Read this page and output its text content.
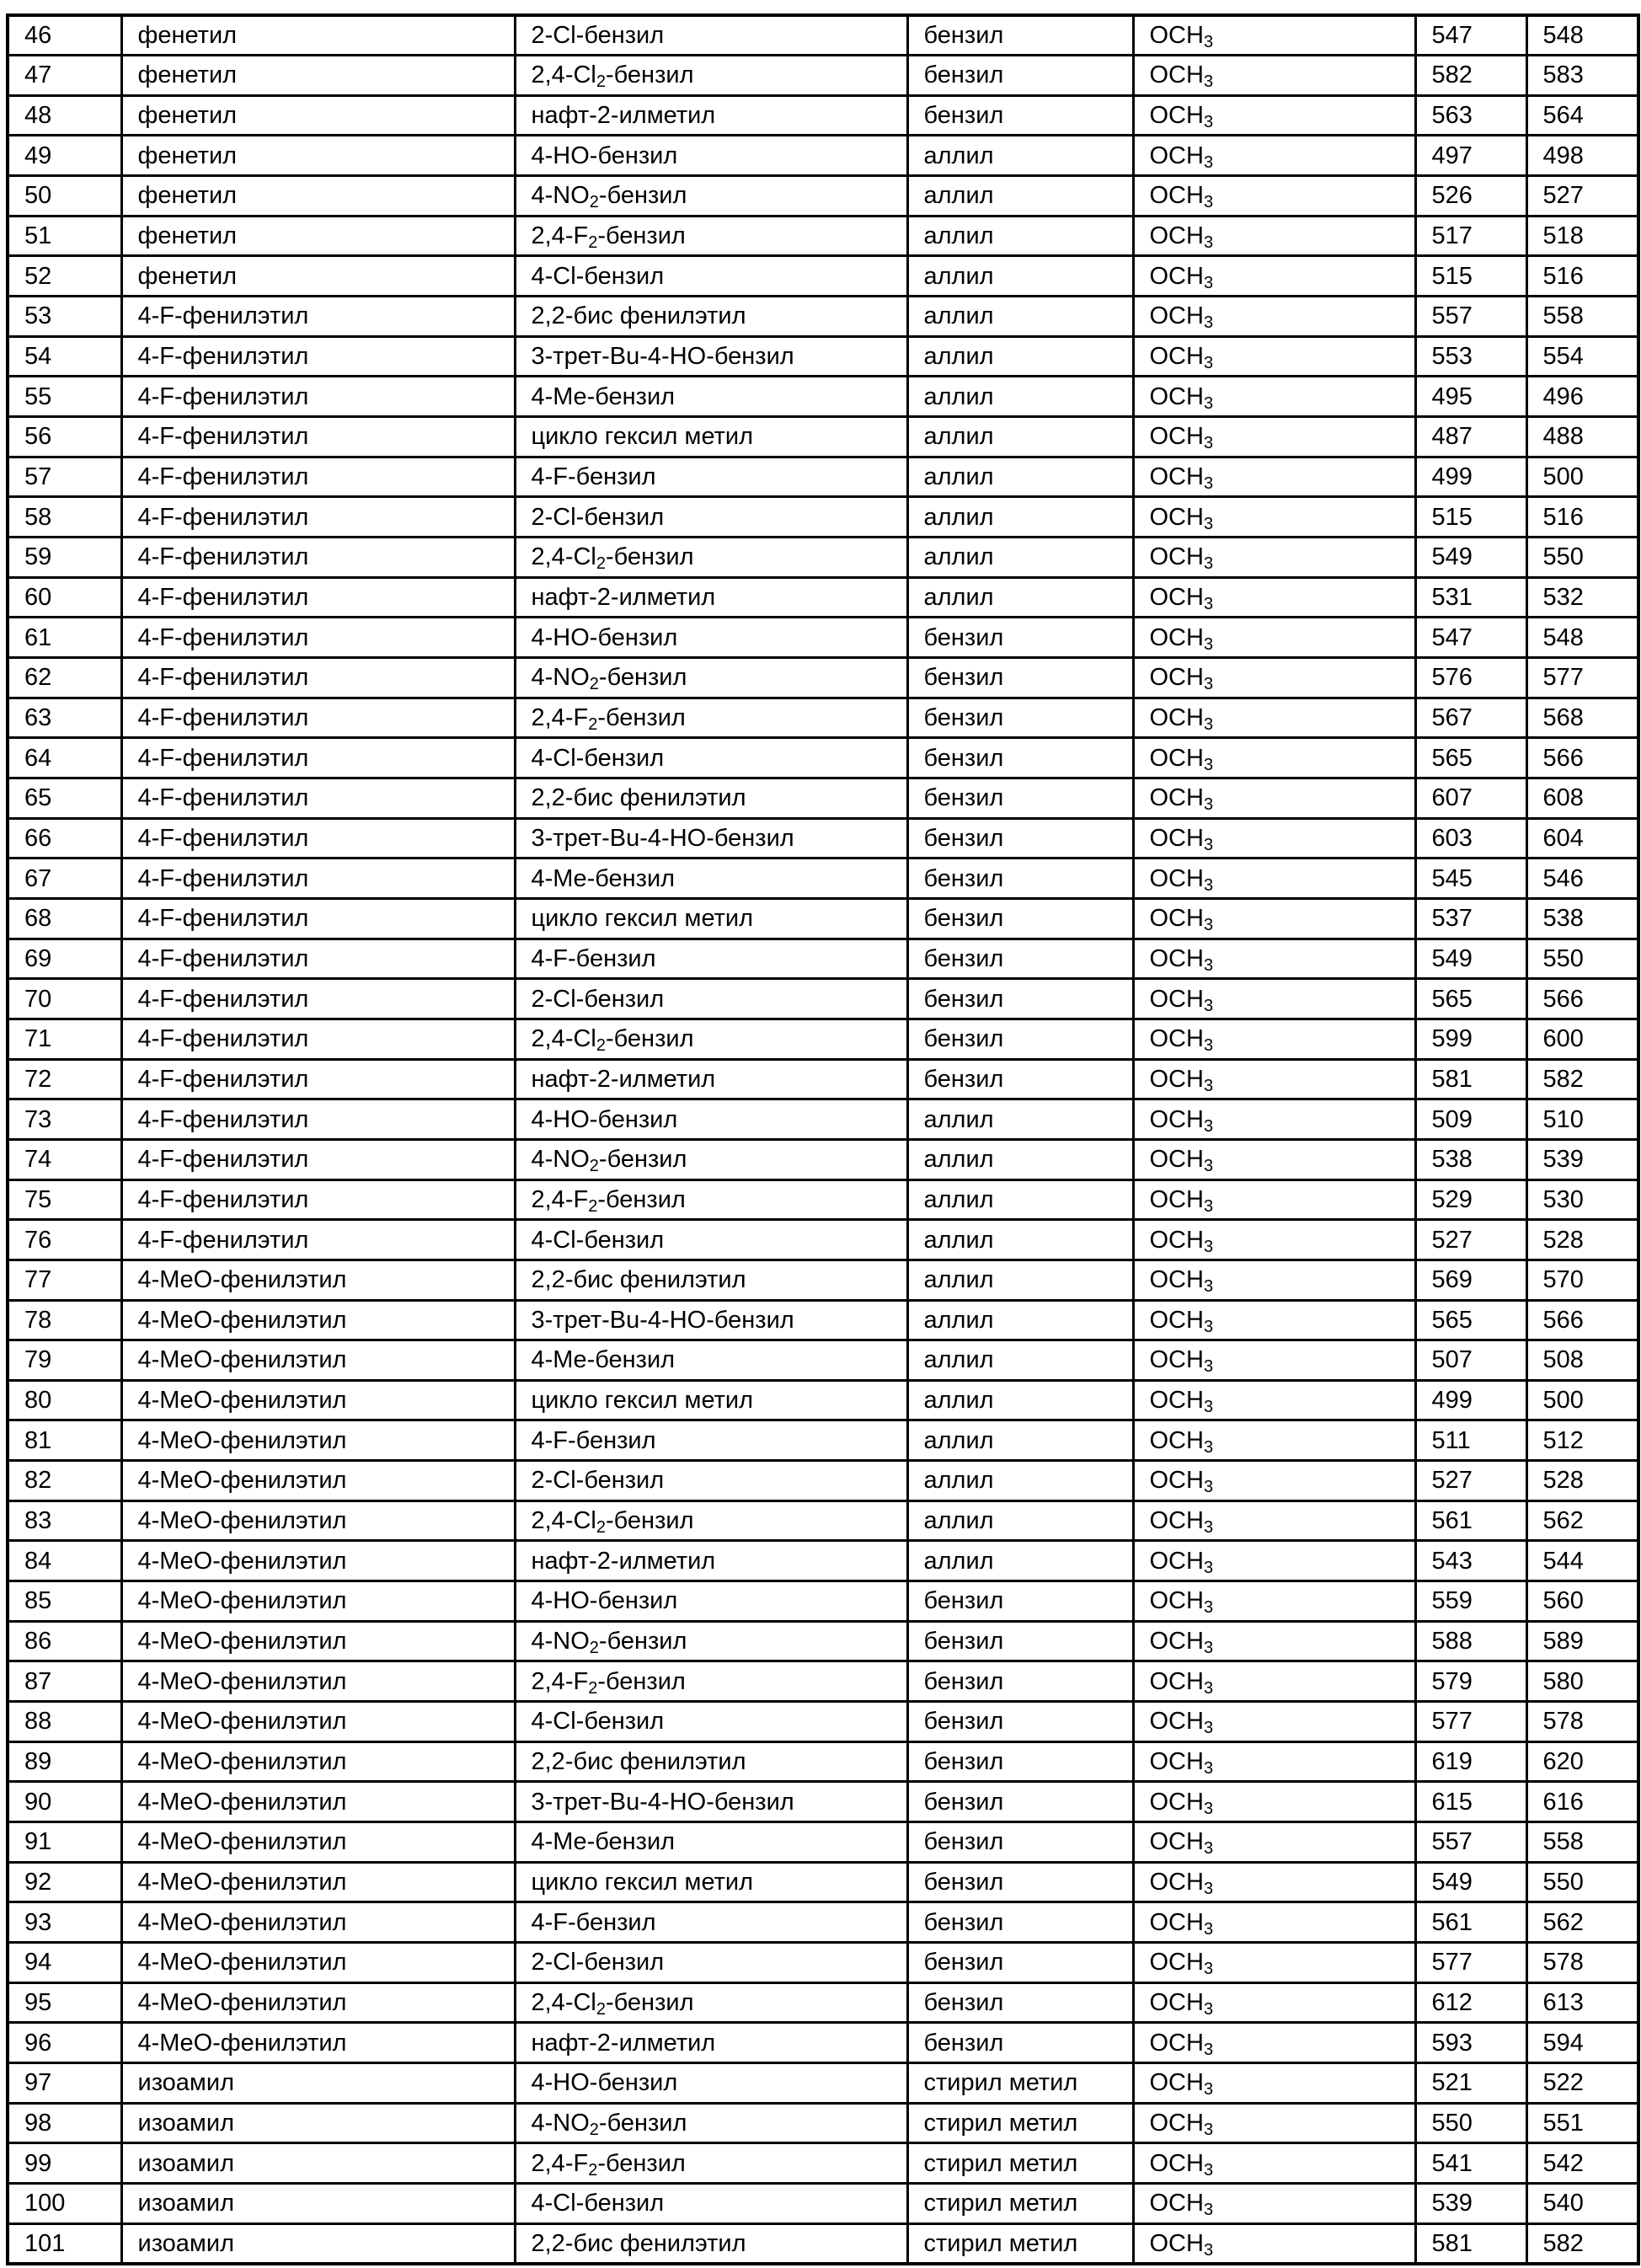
46	фенетил	2-Cl-бензил	бензил	OCH3	547	548
47	фенетил	2,4-Cl2-бензил	бензил	OCH3	582	583
48	фенетил	нафт-2-илметил	бензил	OCH3	563	564
49	фенетил	4-HO-бензил	аллил	OCH3	497	498
50	фенетил	4-NO2-бензил	аллил	OCH3	526	527
51	фенетил	2,4-F2-бензил	аллил	OCH3	517	518
52	фенетил	4-Cl-бензил	аллил	OCH3	515	516
53	4-F-фенилэтил	2,2-бис фенилэтил	аллил	OCH3	557	558
54	4-F-фенилэтил	3-трет-Bu-4-HO-бензил	аллил	OCH3	553	554
55	4-F-фенилэтил	4-Me-бензил	аллил	OCH3	495	496
56	4-F-фенилэтил	цикло гексил метил	аллил	OCH3	487	488
57	4-F-фенилэтил	4-F-бензил	аллил	OCH3	499	500
58	4-F-фенилэтил	2-Cl-бензил	аллил	OCH3	515	516
59	4-F-фенилэтил	2,4-Cl2-бензил	аллил	OCH3	549	550
60	4-F-фенилэтил	нафт-2-илметил	аллил	OCH3	531	532
61	4-F-фенилэтил	4-HO-бензил	бензил	OCH3	547	548
62	4-F-фенилэтил	4-NO2-бензил	бензил	OCH3	576	577
63	4-F-фенилэтил	2,4-F2-бензил	бензил	OCH3	567	568
64	4-F-фенилэтил	4-Cl-бензил	бензил	OCH3	565	566
65	4-F-фенилэтил	2,2-бис фенилэтил	бензил	OCH3	607	608
66	4-F-фенилэтил	3-трет-Bu-4-HO-бензил	бензил	OCH3	603	604
67	4-F-фенилэтил	4-Me-бензил	бензил	OCH3	545	546
68	4-F-фенилэтил	цикло гексил метил	бензил	OCH3	537	538
69	4-F-фенилэтил	4-F-бензил	бензил	OCH3	549	550
70	4-F-фенилэтил	2-Cl-бензил	бензил	OCH3	565	566
71	4-F-фенилэтил	2,4-Cl2-бензил	бензил	OCH3	599	600
72	4-F-фенилэтил	нафт-2-илметил	бензил	OCH3	581	582
73	4-F-фенилэтил	4-HO-бензил	аллил	OCH3	509	510
74	4-F-фенилэтил	4-NO2-бензил	аллил	OCH3	538	539
75	4-F-фенилэтил	2,4-F2-бензил	аллил	OCH3	529	530
76	4-F-фенилэтил	4-Cl-бензил	аллил	OCH3	527	528
77	4-MeO-фенилэтил	2,2-бис фенилэтил	аллил	OCH3	569	570
78	4-MeO-фенилэтил	3-трет-Bu-4-HO-бензил	аллил	OCH3	565	566
79	4-MeO-фенилэтил	4-Me-бензил	аллил	OCH3	507	508
80	4-MeO-фенилэтил	цикло гексил метил	аллил	OCH3	499	500
81	4-MeO-фенилэтил	4-F-бензил	аллил	OCH3	511	512
82	4-MeO-фенилэтил	2-Cl-бензил	аллил	OCH3	527	528
83	4-MeO-фенилэтил	2,4-Cl2-бензил	аллил	OCH3	561	562
84	4-MeO-фенилэтил	нафт-2-илметил	аллил	OCH3	543	544
85	4-MeO-фенилэтил	4-HO-бензил	бензил	OCH3	559	560
86	4-MeO-фенилэтил	4-NO2-бензил	бензил	OCH3	588	589
87	4-MeO-фенилэтил	2,4-F2-бензил	бензил	OCH3	579	580
88	4-MeO-фенилэтил	4-Cl-бензил	бензил	OCH3	577	578
89	4-MeO-фенилэтил	2,2-бис фенилэтил	бензил	OCH3	619	620
90	4-MeO-фенилэтил	3-трет-Bu-4-HO-бензил	бензил	OCH3	615	616
91	4-MeO-фенилэтил	4-Me-бензил	бензил	OCH3	557	558
92	4-MeO-фенилэтил	цикло гексил метил	бензил	OCH3	549	550
93	4-MeO-фенилэтил	4-F-бензил	бензил	OCH3	561	562
94	4-MeO-фенилэтил	2-Cl-бензил	бензил	OCH3	577	578
95	4-MeO-фенилэтил	2,4-Cl2-бензил	бензил	OCH3	612	613
96	4-MeO-фенилэтил	нафт-2-илметил	бензил	OCH3	593	594
97	изоамил	4-HO-бензил	стирил метил	OCH3	521	522
98	изоамил	4-NO2-бензил	стирил метил	OCH3	550	551
99	изоамил	2,4-F2-бензил	стирил метил	OCH3	541	542
100	изоамил	4-Cl-бензил	стирил метил	OCH3	539	540
101	изоамил	2,2-бис фенилэтил	стирил метил	OCH3	581	582
